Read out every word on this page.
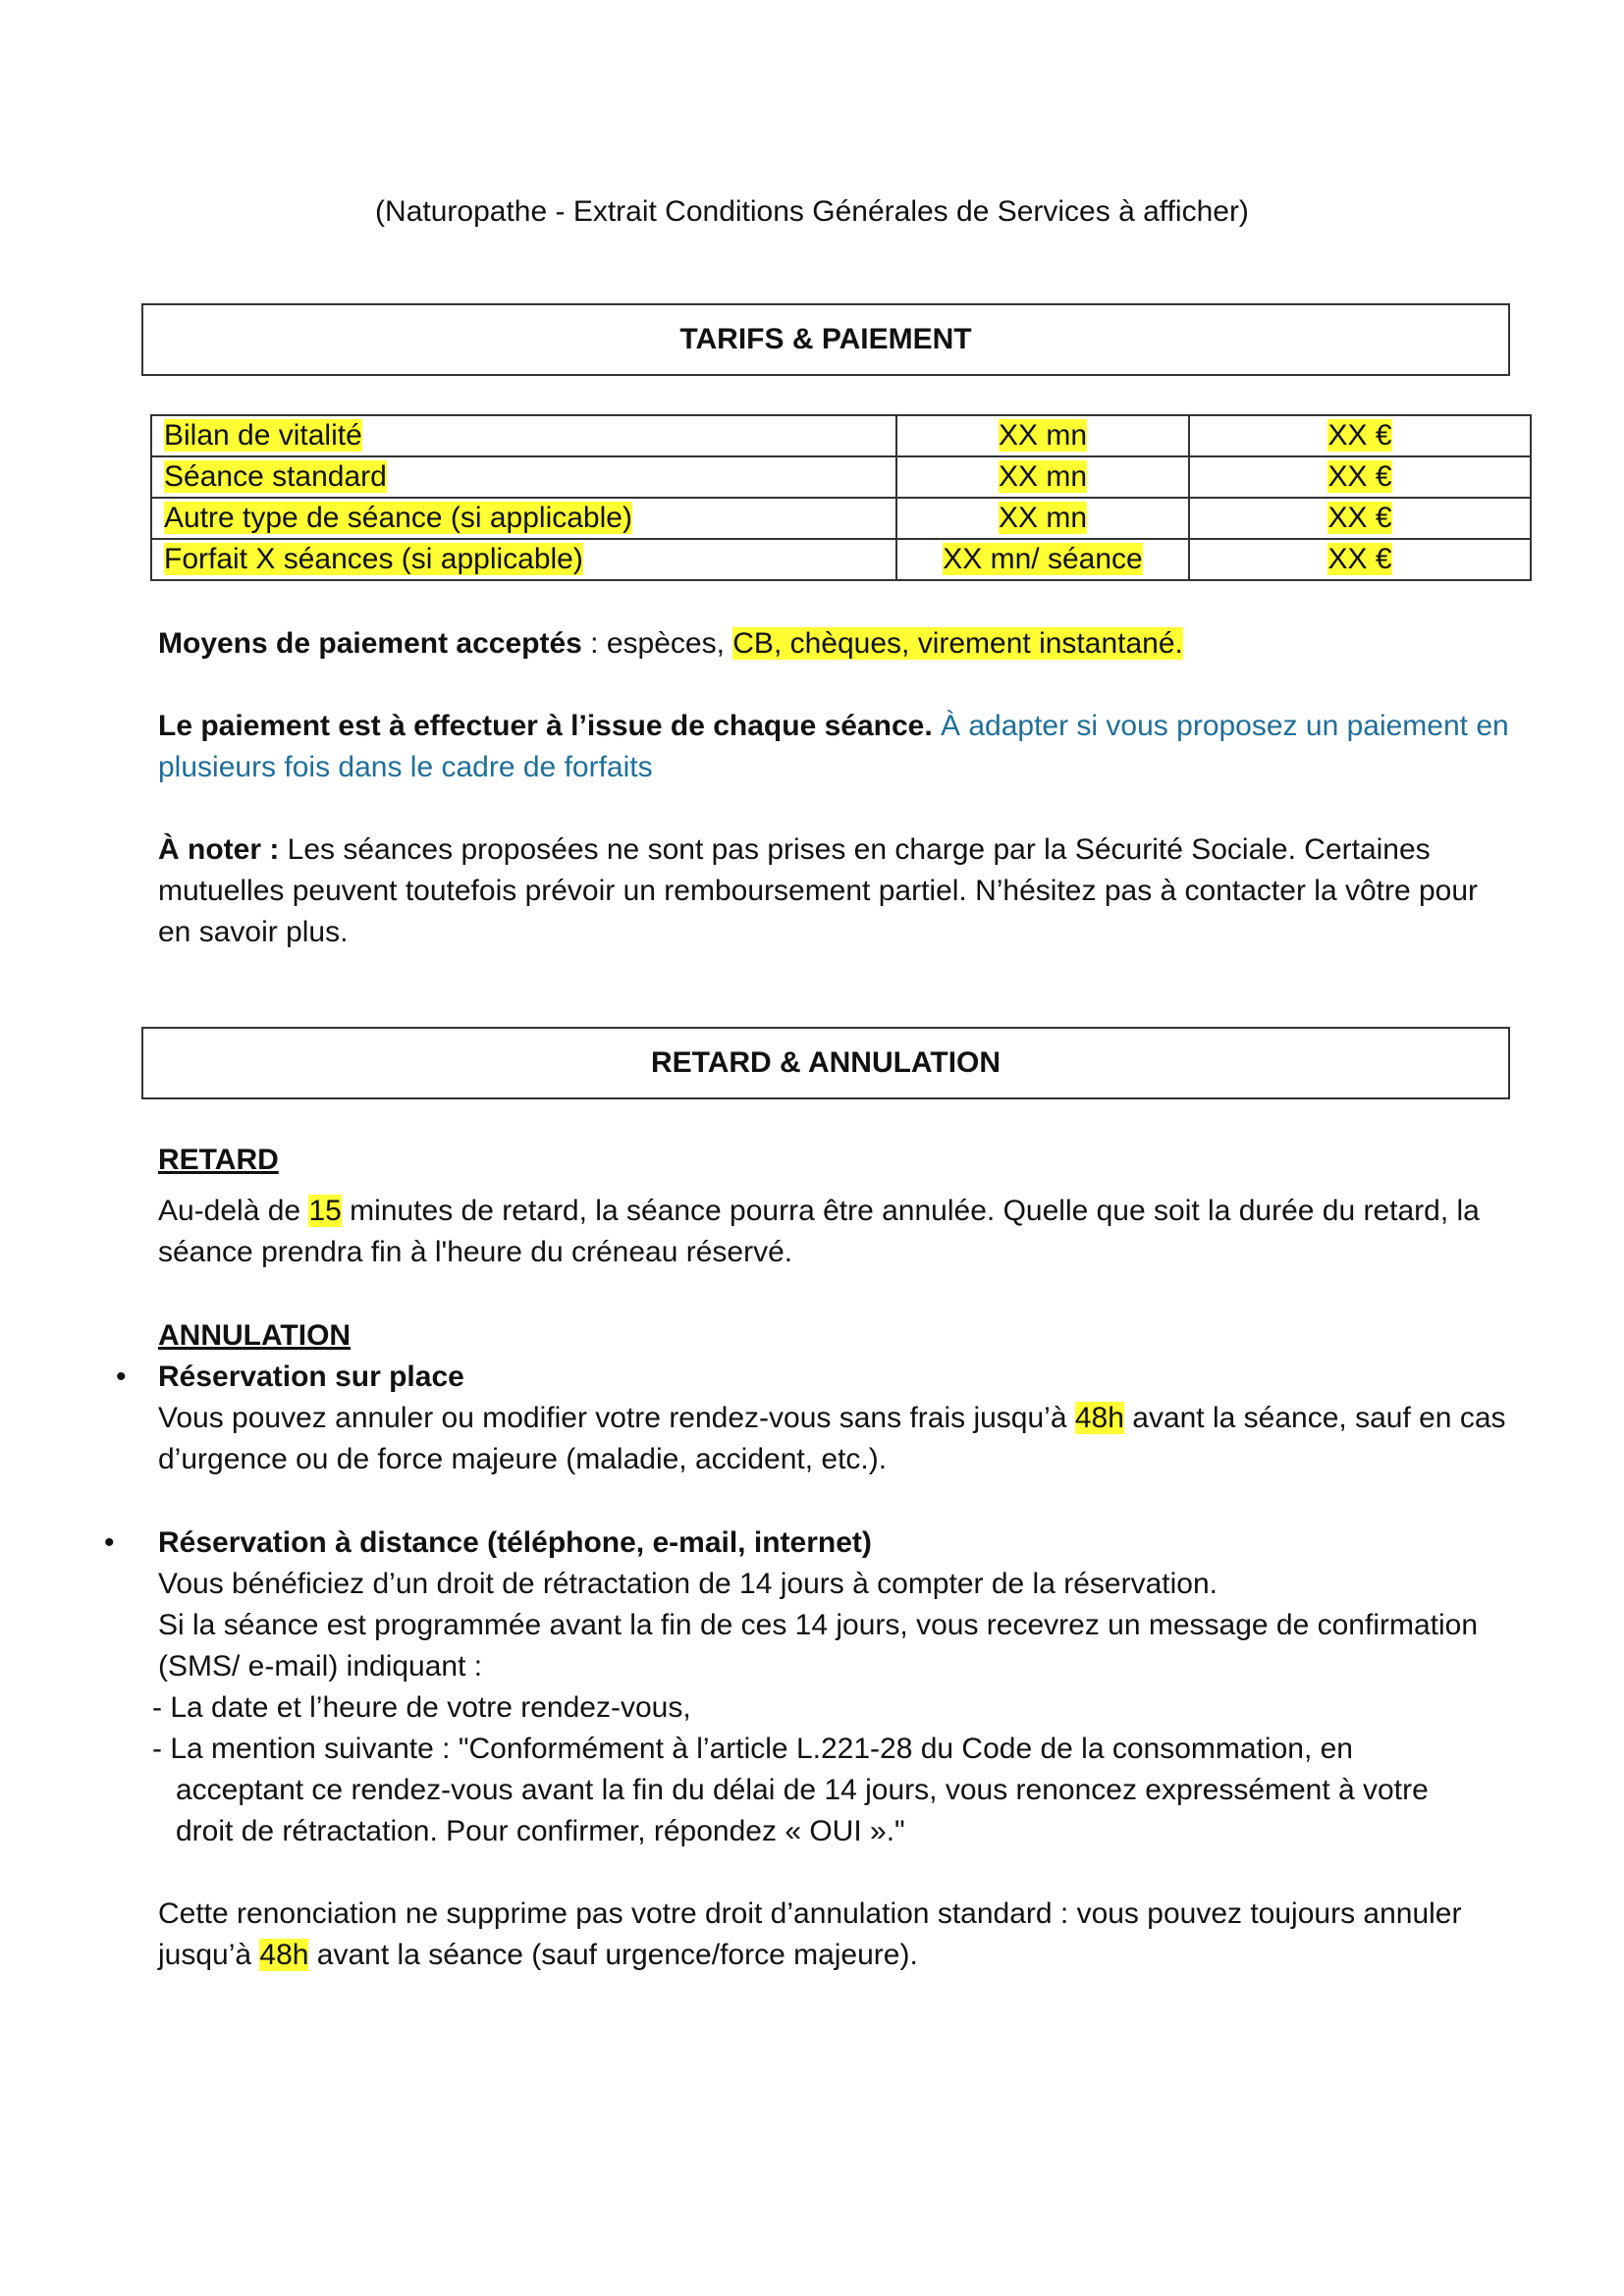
(Naturopathe - Extrait Conditions Générales de Services à afficher)
TARIFS & PAIEMENT
Bilan de vitalité	XX mn	XX €
Séance standard	XX mn	XX €
Autre type de séance (si applicable)	XX mn	XX €
Forfait X séances (si applicable)	XX mn/ séance	XX €
Moyens de paiement acceptés : espèces, CB, chèques, virement instantané.
Le paiement est à effectuer à l’issue de chaque séance. À adapter si vous proposez un paiement en plusieurs fois dans le cadre de forfaits
À noter : Les séances proposées ne sont pas prises en charge par la Sécurité Sociale. Certaines mutuelles peuvent toutefois prévoir un remboursement partiel. N’hésitez pas à contacter la vôtre pour en savoir plus.
RETARD & ANNULATION
RETARD
Au-delà de 15 minutes de retard, la séance pourra être annulée. Quelle que soit la durée du retard, la séance prendra fin à l'heure du créneau réservé.
ANNULATION
• Réservation sur place
Vous pouvez annuler ou modifier votre rendez-vous sans frais jusqu’à 48h avant la séance, sauf en cas d’urgence ou de force majeure (maladie, accident, etc.).
• Réservation à distance (téléphone, e-mail, internet)
Vous bénéficiez d’un droit de rétractation de 14 jours à compter de la réservation.
Si la séance est programmée avant la fin de ces 14 jours, vous recevrez un message de confirmation (SMS/ e-mail) indiquant :
- La date et l’heure de votre rendez-vous,
- La mention suivante : "Conformément à l’article L.221-28 du Code de la consommation, en acceptant ce rendez-vous avant la fin du délai de 14 jours, vous renoncez expressément à votre droit de rétractation. Pour confirmer, répondez « OUI »."
Cette renonciation ne supprime pas votre droit d’annulation standard : vous pouvez toujours annuler jusqu’à 48h avant la séance (sauf urgence/force majeure).
